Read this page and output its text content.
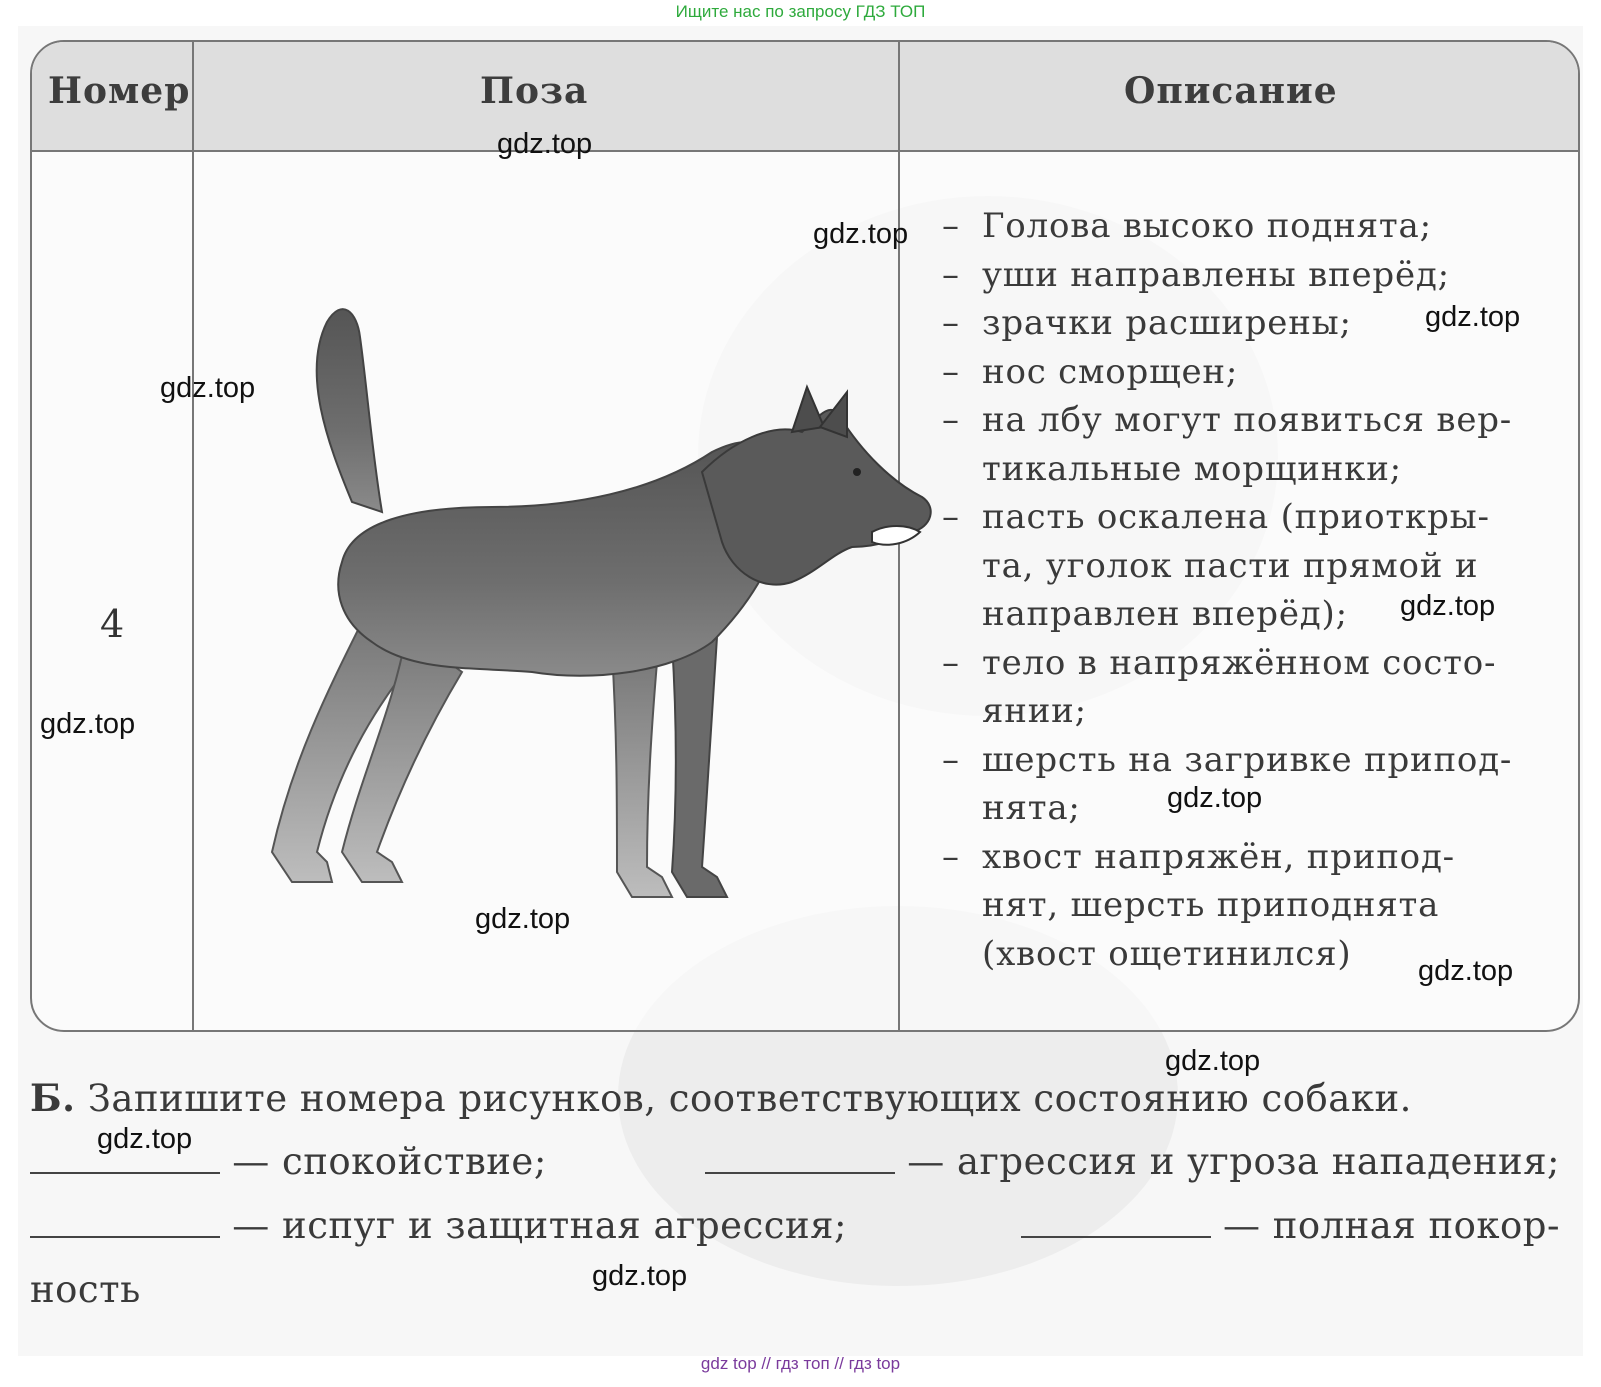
Ищите нас по запросу ГДЗ ТОП
Номер	Поза	Описание
4
– Голова высоко поднята;
– уши направлены вперёд;
– зрачки расширены;
– нос сморщен;
– на лбу могут появиться вер-
тикальные морщинки;
– пасть оскалена (приоткры-
та, уголок пасти прямой и
направлен вперёд);
– тело в напряжённом состо-
янии;
– шерсть на загривке припод-
нята;
– хвост напряжён, припод-
нят, шерсть приподнята
(хвост ощетинился)
Б. Запишите номера рисунков, соответствующих состоянию собаки.
— спокойствие;	— агрессия и угроза нападения;
— испуг и защитная агрессия;	— полная покор-
ность
gdz.top
gdz.top
gdz.top
gdz.top
gdz.top
gdz.top
gdz.top
gdz.top
gdz.top
gdz.top
gdz.top
gdz.top
gdz top // гдз топ // гдз top
